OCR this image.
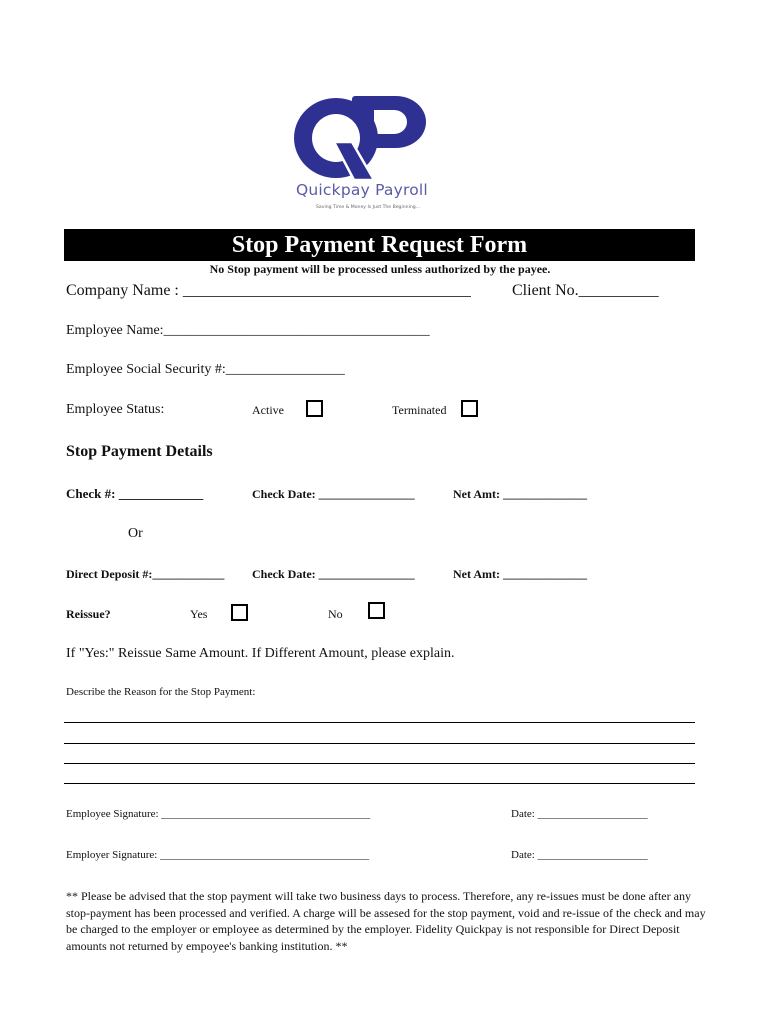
Quickpay Payroll
Saving Time & Money Is Just The Beginning...
Stop Payment Request Form
No Stop payment will be processed unless authorized by the payee.
Company Name : ____________________________________	Client No.__________
Employee Name:______________________________________
Employee Social Security #:_________________
Employee Status:	Active	Terminated
Stop Payment Details
Check #: _____________	Check Date: ________________	Net Amt: ______________
Or
Direct Deposit #:____________ Check Date: ________________	Net Amt: ______________
Reissue?	Yes	No
If "Yes:" Reissue Same Amount. If Different Amount, please explain.
Describe the Reason for the Stop Payment:
Employee Signature: ______________________________________	Date: ____________________
Employer Signature: ______________________________________	Date: ____________________
** Please be advised that the stop payment will take two business days to process. Therefore, any re-issues must be done after any stop-payment has been processed and verified. A charge will be assesed for the stop payment, void and re-issue of the check and may be charged to the employer or employee as determined by the employer. Fidelity Quickpay is not responsible for Direct Deposit amounts not returned by empoyee's banking institution. **
